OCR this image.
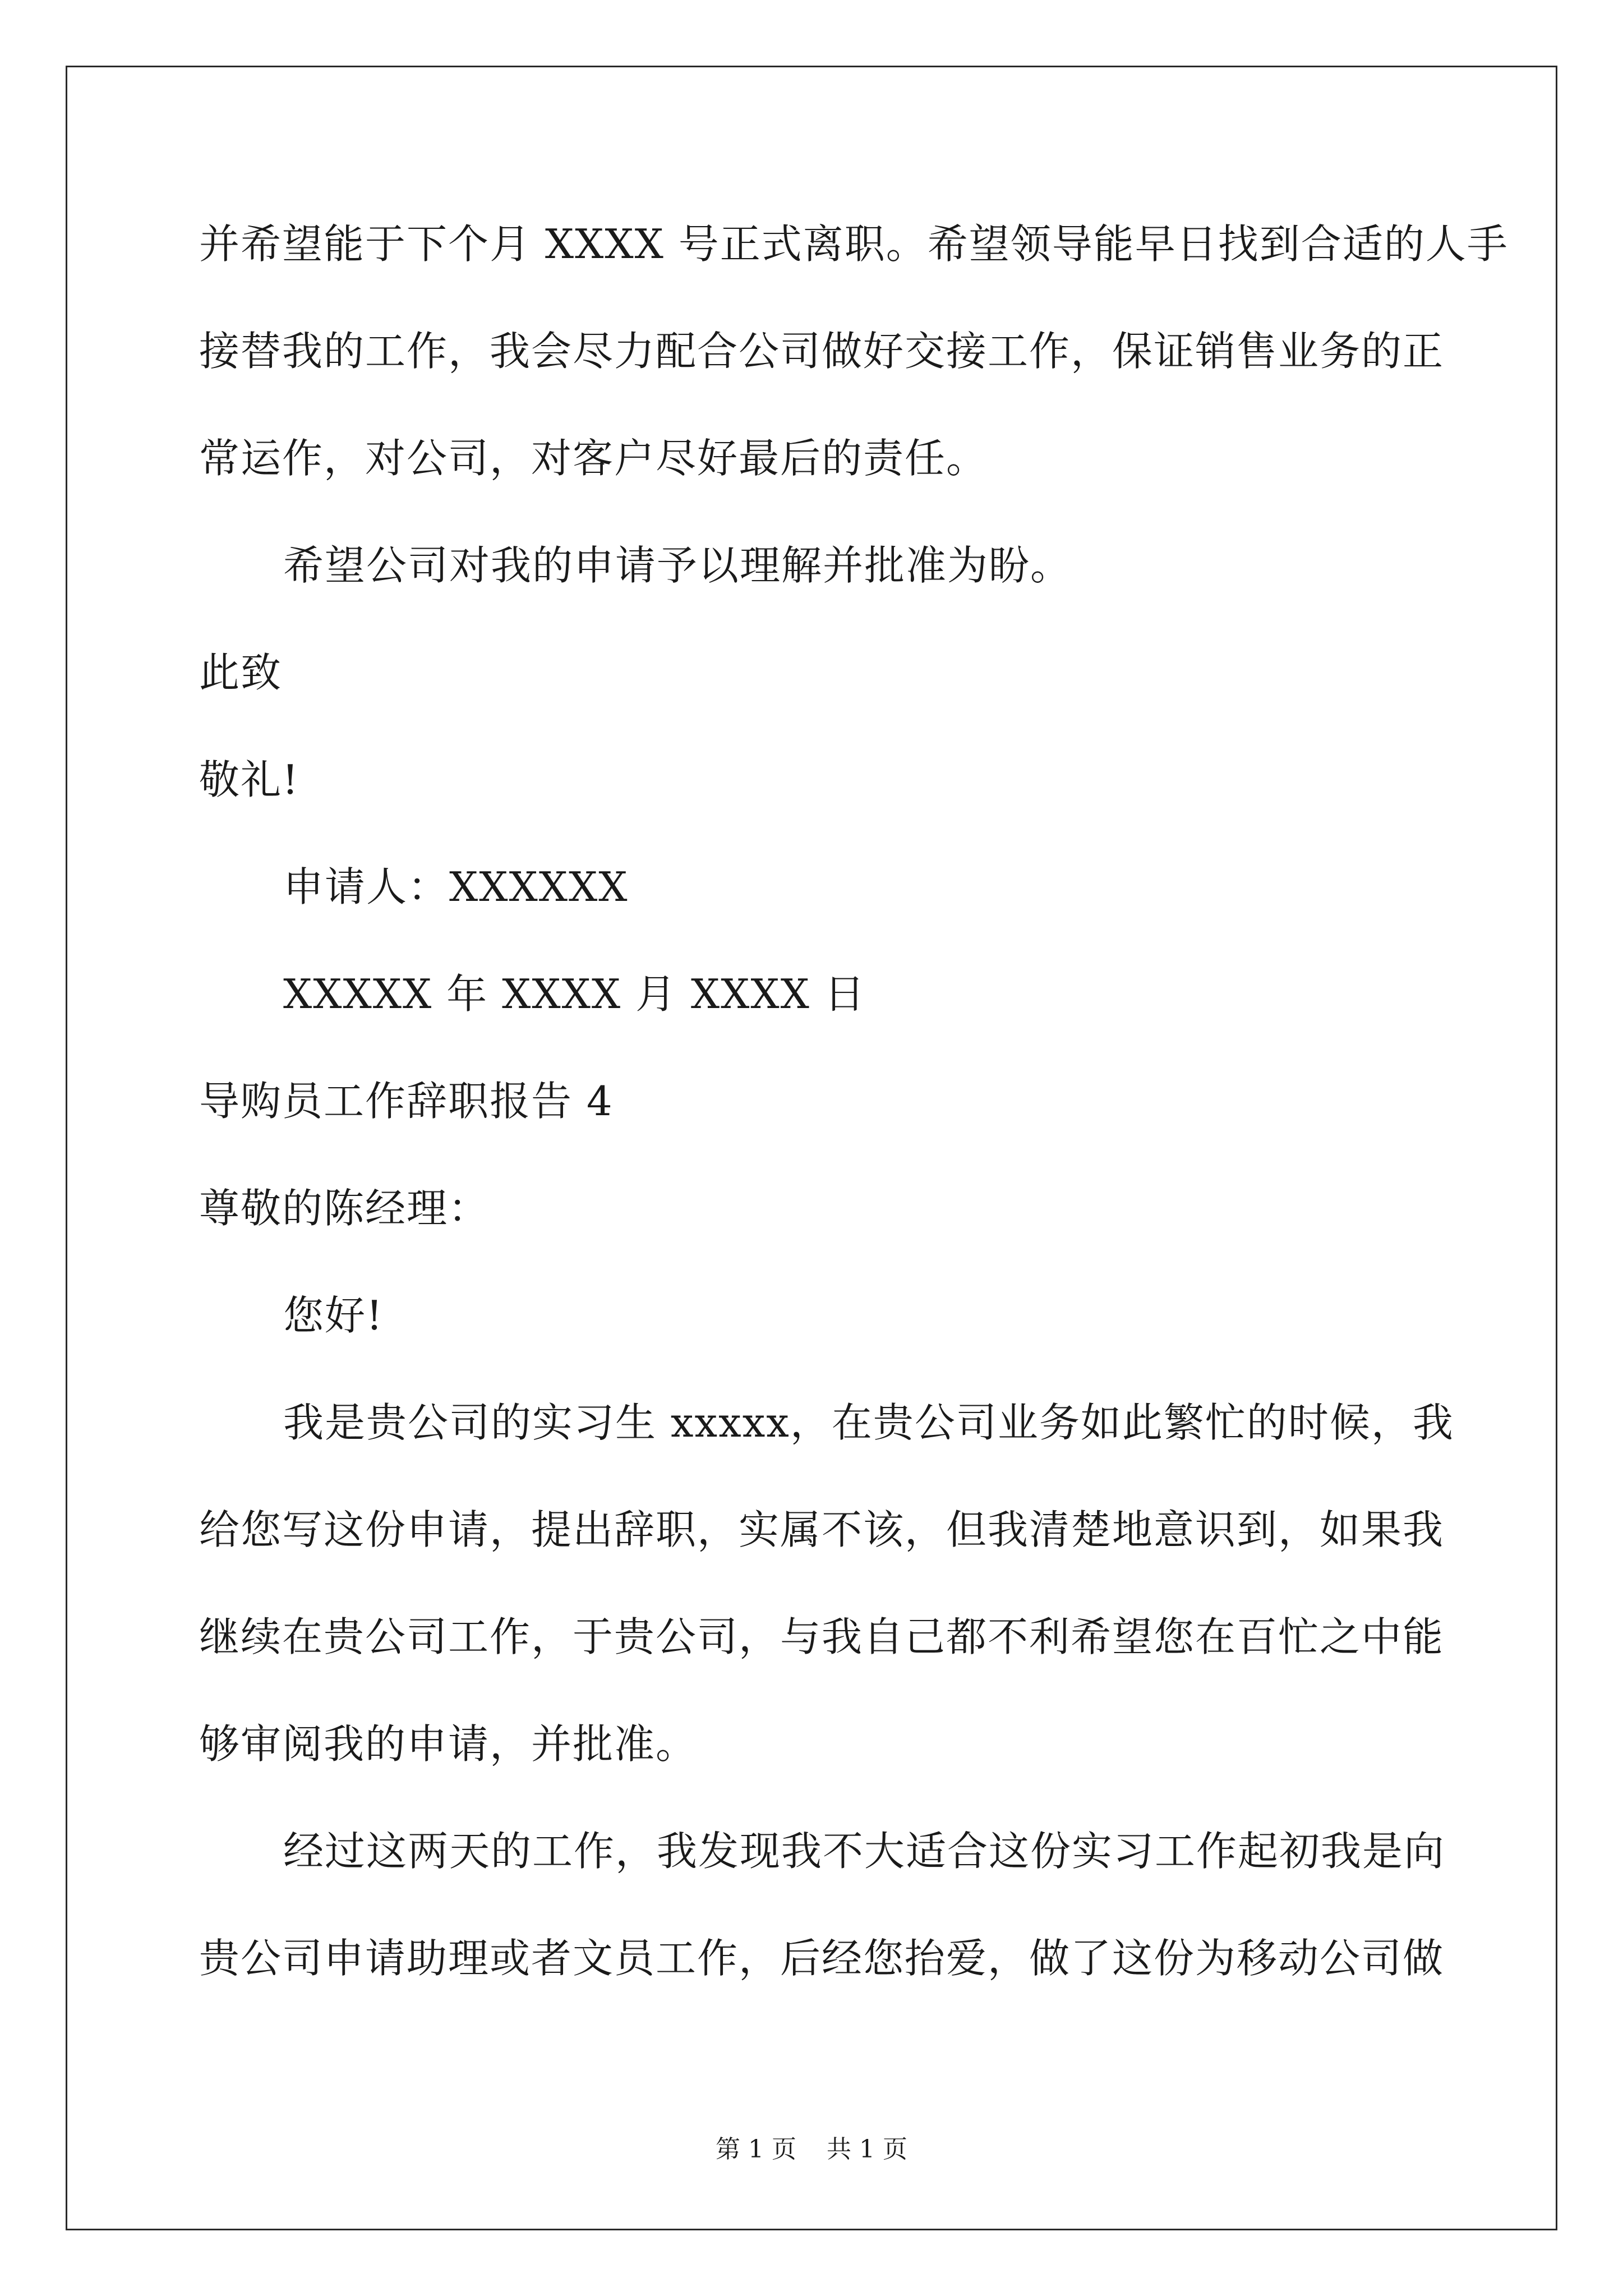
并希望能于下个月 XXXX 号正式离职。希望领导能早日找到合适的人手
接替我的工作，我会尽力配合公司做好交接工作，保证销售业务的正
常运作，对公司，对客户尽好最后的责任。
希望公司对我的申请予以理解并批准为盼。
此致
敬礼!
申请人：XXXXXX
XXXXX 年 XXXX 月 XXXX 日
导购员工作辞职报告 4
尊敬的陈经理：
您好!
我是贵公司的实习生 xxxxx，在贵公司业务如此繁忙的时候，我
给您写这份申请，提出辞职，实属不该，但我清楚地意识到，如果我
继续在贵公司工作，于贵公司，与我自己都不利希望您在百忙之中能
够审阅我的申请，并批准。
经过这两天的工作，我发现我不大适合这份实习工作起初我是向
贵公司申请助理或者文员工作，后经您抬爱，做了这份为移动公司做
第 1 页 共 1 页
